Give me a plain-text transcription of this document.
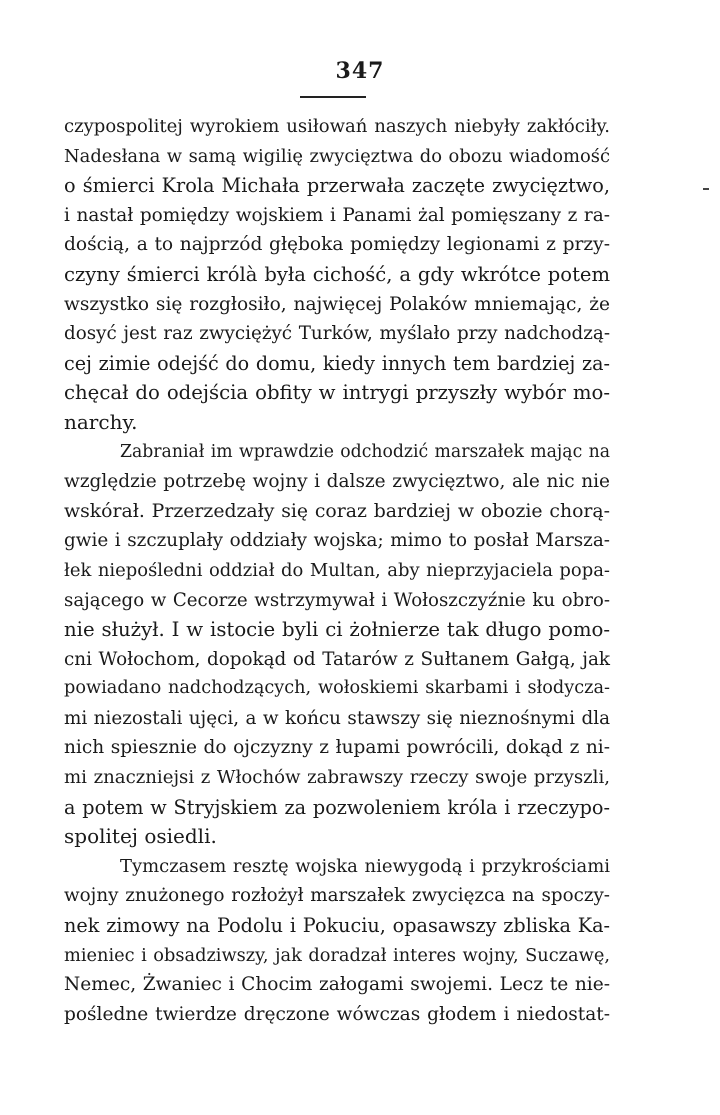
347
czypospolitej wyrokiem usiłowań naszych niebyły zakłóciły.
Nadesłana w samą wigilię zwycięztwa do obozu wiadomość
o śmierci Krola Michała przerwała zaczęte zwycięztwo,
i nastał pomiędzy wojskiem i Panami żal pomięszany z ra-
dością, a to najprzód głęboka pomiędzy legionami z przy-
czyny śmierci królà była cichość, a gdy wkrótce potem
wszystko się rozgłosiło, najwięcej Polaków mniemając, że
dosyć jest raz zwyciężyć Turków, myślało przy nadchodzą-
cej zimie odejść do domu, kiedy innych tem bardziej za-
chęcał do odejścia obfity w intrygi przyszły wybór mo-
narchy.
Zabraniał im wprawdzie odchodzić marszałek mając na
względzie potrzebę wojny i dalsze zwycięztwo, ale nic nie
wskórał. Przerzedzały się coraz bardziej w obozie chorą-
gwie i szczuplały oddziały wojska; mimo to posłał Marsza-
łek niepośledni oddział do Multan, aby nieprzyjaciela popa-
sającego w Cecorze wstrzymywał i Wołoszczyźnie ku obro-
nie służył. I w istocie byli ci żołnierze tak długo pomo-
cni Wołochom, dopokąd od Tatarów z Sułtanem Gałgą, jak
powiadano nadchodzących, wołoskiemi skarbami i słodycza-
mi niezostali ujęci, a w końcu stawszy się nieznośnymi dla
nich spiesznie do ojczyzny z łupami powrócili, dokąd z ni-
mi znaczniejsi z Włochów zabrawszy rzeczy swoje przyszli,
a potem w Stryjskiem za pozwoleniem króla i rzeczypo-
spolitej osiedli.
Tymczasem resztę wojska niewygodą i przykrościami
wojny znużonego rozłożył marszałek zwycięzca na spoczy-
nek zimowy na Podolu i Pokuciu, opasawszy zbliska Ka-
mieniec i obsadziwszy, jak doradzał interes wojny, Suczawę,
Nemec, Żwaniec i Chocim załogami swojemi. Lecz te nie-
pośledne twierdze dręczone wówczas głodem i niedostat-
